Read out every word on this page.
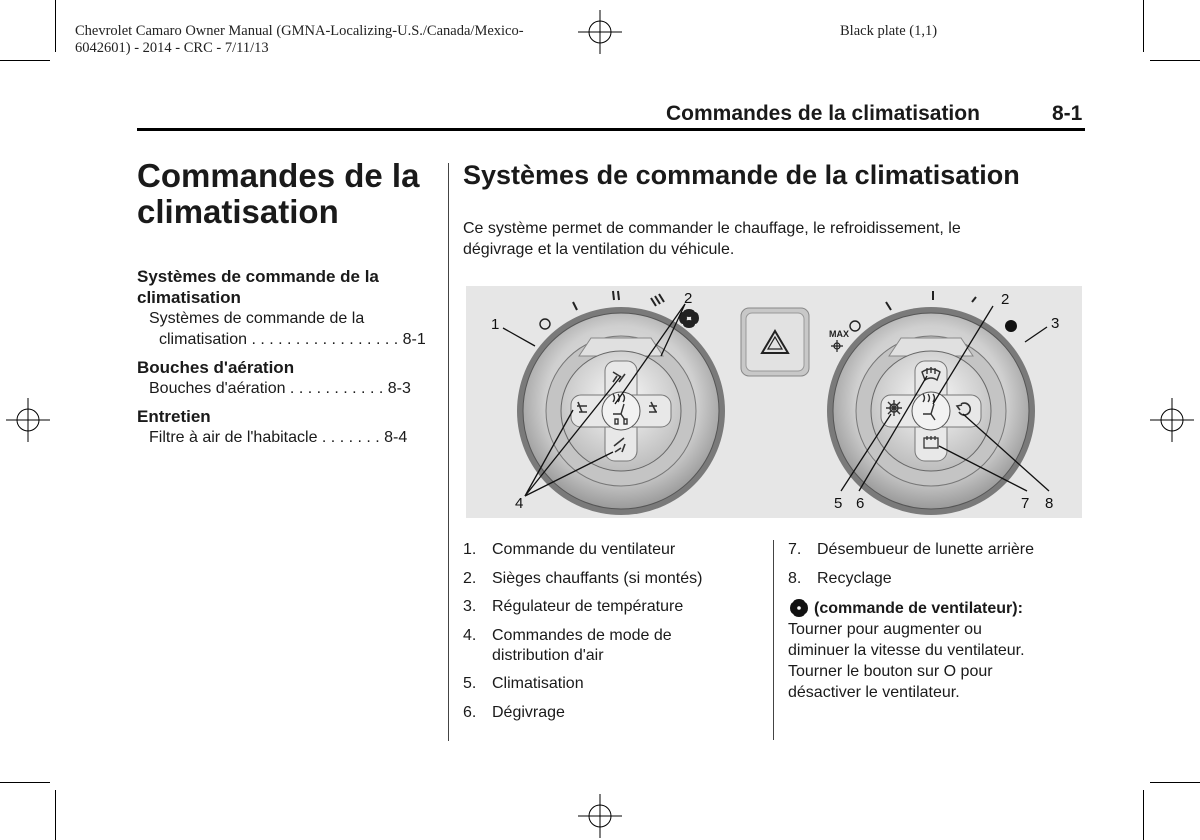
Chevrolet Camaro Owner Manual (GMNA-Localizing-U.S./Canada/Mexico-
6042601) - 2014 - CRC - 7/11/13
Black plate (1,1)
Commandes de la climatisation	8-1
Commandes de la
climatisation
Systèmes de commande de la
climatisation
Systèmes de commande de la
climatisation . . . . . . . . . . . . . . . . . 8-1
Bouches d'aération
Bouches d'aération . . . . . . . . . . . 8-3
Entretien
Filtre à air de l'habitacle . . . . . . . 8-4
Systèmes de commande de la climatisation
Ce système permet de commander le chauffage, le refroidissement, le
dégivrage et la ventilation du véhicule.
MAX
1
2	2
3
4	5 6	7 8
1. Commande du ventilateur
2. Sièges chauffants (si montés)
3. Régulateur de température
4. Commandes de mode de
distribution d'air
5. Climatisation
6. Dégivrage
7. Désembueur de lunette arrière
8. Recyclage
(commande de ventilateur):
Tourner pour augmenter ou
diminuer la vitesse du ventilateur.
Tourner le bouton sur O pour
désactiver le ventilateur.
